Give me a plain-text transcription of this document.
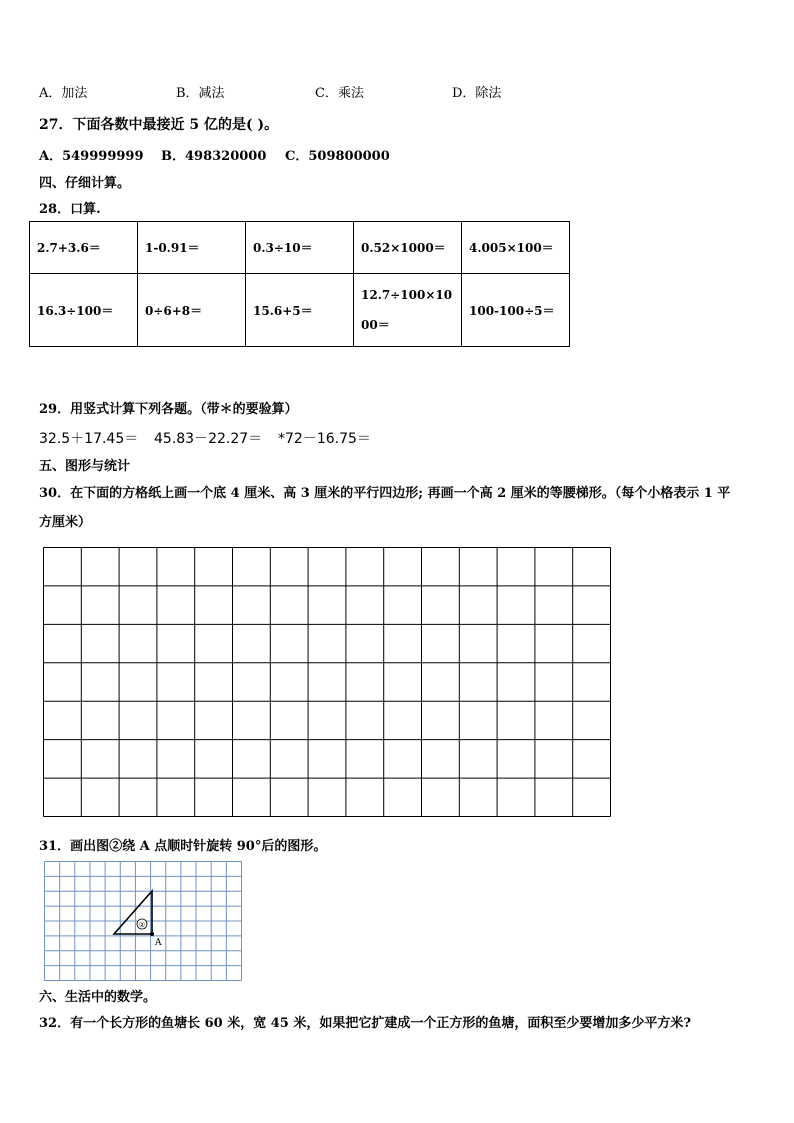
A．加法	B．减法	C．乘法	D．除法
27．下面各数中最接近 5 亿的是( )。
A．549999999 B．498320000 C．509800000
四、仔细计算。
28．口算.
2.7+3.6＝	1-0.91＝	0.3÷10＝	0.52×1000＝	4.005×100＝
16.3÷100＝	0÷6+8＝	15.6+5＝	12.7÷100×1000＝	100-100÷5＝
29．用竖式计算下列各题。（带＊的要验算）
32.5＋17.45＝ 45.83－22.27＝ *72－16.75＝
五、图形与统计
30．在下面的方格纸上画一个底 4 厘米、高 3 厘米的平行四边形; 再画一个高 2 厘米的等腰梯形。（每个小格表示 1 平
方厘米）
31．画出图②绕 A 点顺时针旋转 90°后的图形。
②
A
六、生活中的数学。
32．有一个长方形的鱼塘长 60 米，宽 45 米，如果把它扩建成一个正方形的鱼塘，面积至少要增加多少平方米?
